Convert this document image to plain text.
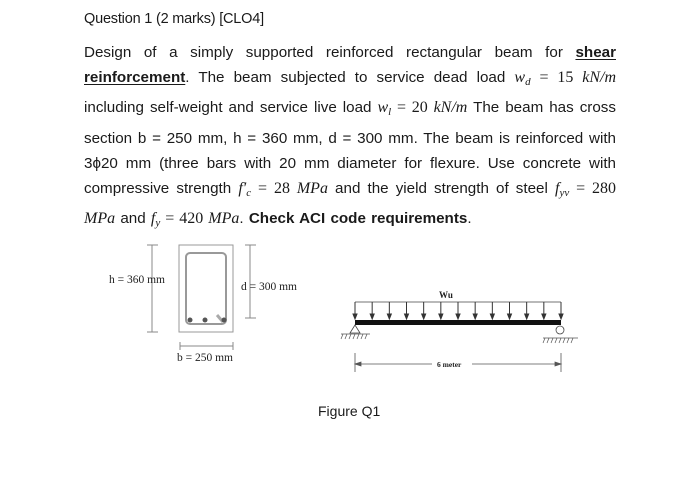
Question 1 (2 marks) [CLO4]
Design of a simply supported reinforced rectangular beam for shear reinforcement. The beam subjected to service dead load $w_d = 15$ kN/m including self-weight and service live load $w_l = 20$ kN/m The beam has cross section b = 250 mm, h = 360 mm, d = 300 mm. The beam is reinforced with 3ϕ20 mm (three bars with 20 mm diameter for flexure. Use concrete with compressive strength $f'_c = 28$ MPa and the yield strength of steel $f_{yv} = 280$ MPa and $f_y = 420$ MPa. Check ACI code requirements.
h = 360 mm
d = 300 mm
b = 250 mm
Wu
6 meter
Figure Q1
